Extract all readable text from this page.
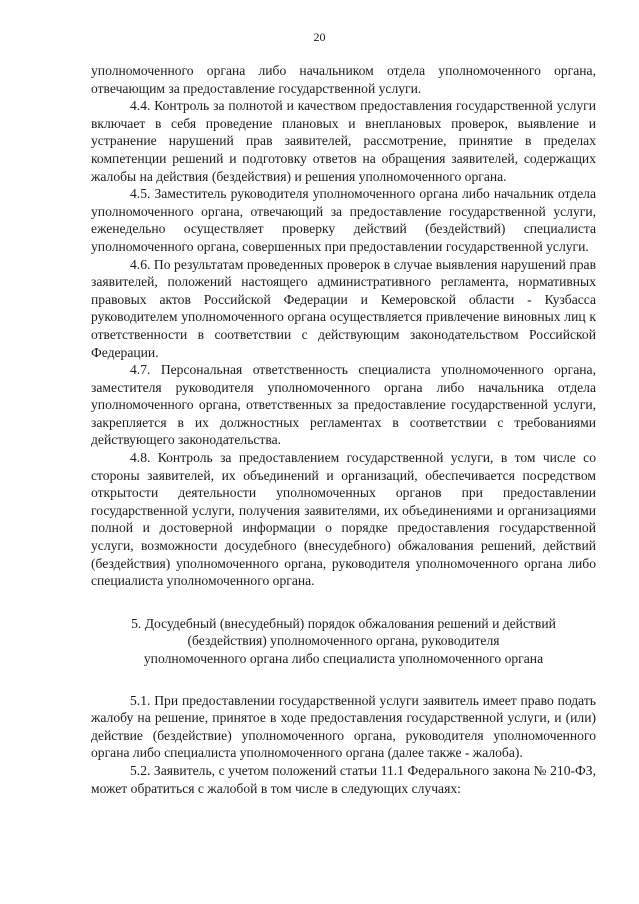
20

уполномоченного органа либо начальником отдела уполномоченного органа, отвечающим за предоставление государственной услуги.

4.4. Контроль за полнотой и качеством предоставления государственной услуги включает в себя проведение плановых и внеплановых проверок, выявление и устранение нарушений прав заявителей, рассмотрение, принятие в пределах компетенции решений и подготовку ответов на обращения заявителей, содержащих жалобы на действия (бездействия) и решения уполномоченного органа.

4.5. Заместитель руководителя уполномоченного органа либо начальник отдела уполномоченного органа, отвечающий за предоставление государственной услуги, еженедельно осуществляет проверку действий (бездействий) специалиста уполномоченного органа, совершенных при предоставлении государственной услуги.

4.6. По результатам проведенных проверок в случае выявления нарушений прав заявителей, положений настоящего административного регламента, нормативных правовых актов Российской Федерации и Кемеровской области - Кузбасса руководителем уполномоченного органа осуществляется привлечение виновных лиц к ответственности в соответствии с действующим законодательством Российской Федерации.

4.7. Персональная ответственность специалиста уполномоченного органа, заместителя руководителя уполномоченного органа либо начальника отдела уполномоченного органа, ответственных за предоставление государственной услуги, закрепляется в их должностных регламентах в соответствии с требованиями действующего законодательства.

4.8. Контроль за предоставлением государственной услуги, в том числе со стороны заявителей, их объединений и организаций, обеспечивается посредством открытости деятельности уполномоченных органов при предоставлении государственной услуги, получения заявителями, их объединениями и организациями полной и достоверной информации о порядке предоставления государственной услуги, возможности досудебного (внесудебного) обжалования решений, действий (бездействия) уполномоченного органа, руководителя уполномоченного органа либо специалиста уполномоченного органа.

5. Досудебный (внесудебный) порядок обжалования решений и действий
(бездействия) уполномоченного органа, руководителя
уполномоченного органа либо специалиста уполномоченного органа

5.1. При предоставлении государственной услуги заявитель имеет право подать жалобу на решение, принятое в ходе предоставления государственной услуги, и (или) действие (бездействие) уполномоченного органа, руководителя уполномоченного органа либо специалиста уполномоченного органа (далее также - жалоба).

5.2. Заявитель, с учетом положений статьи 11.1 Федерального закона № 210-ФЗ, может обратиться с жалобой в том числе в следующих случаях:
